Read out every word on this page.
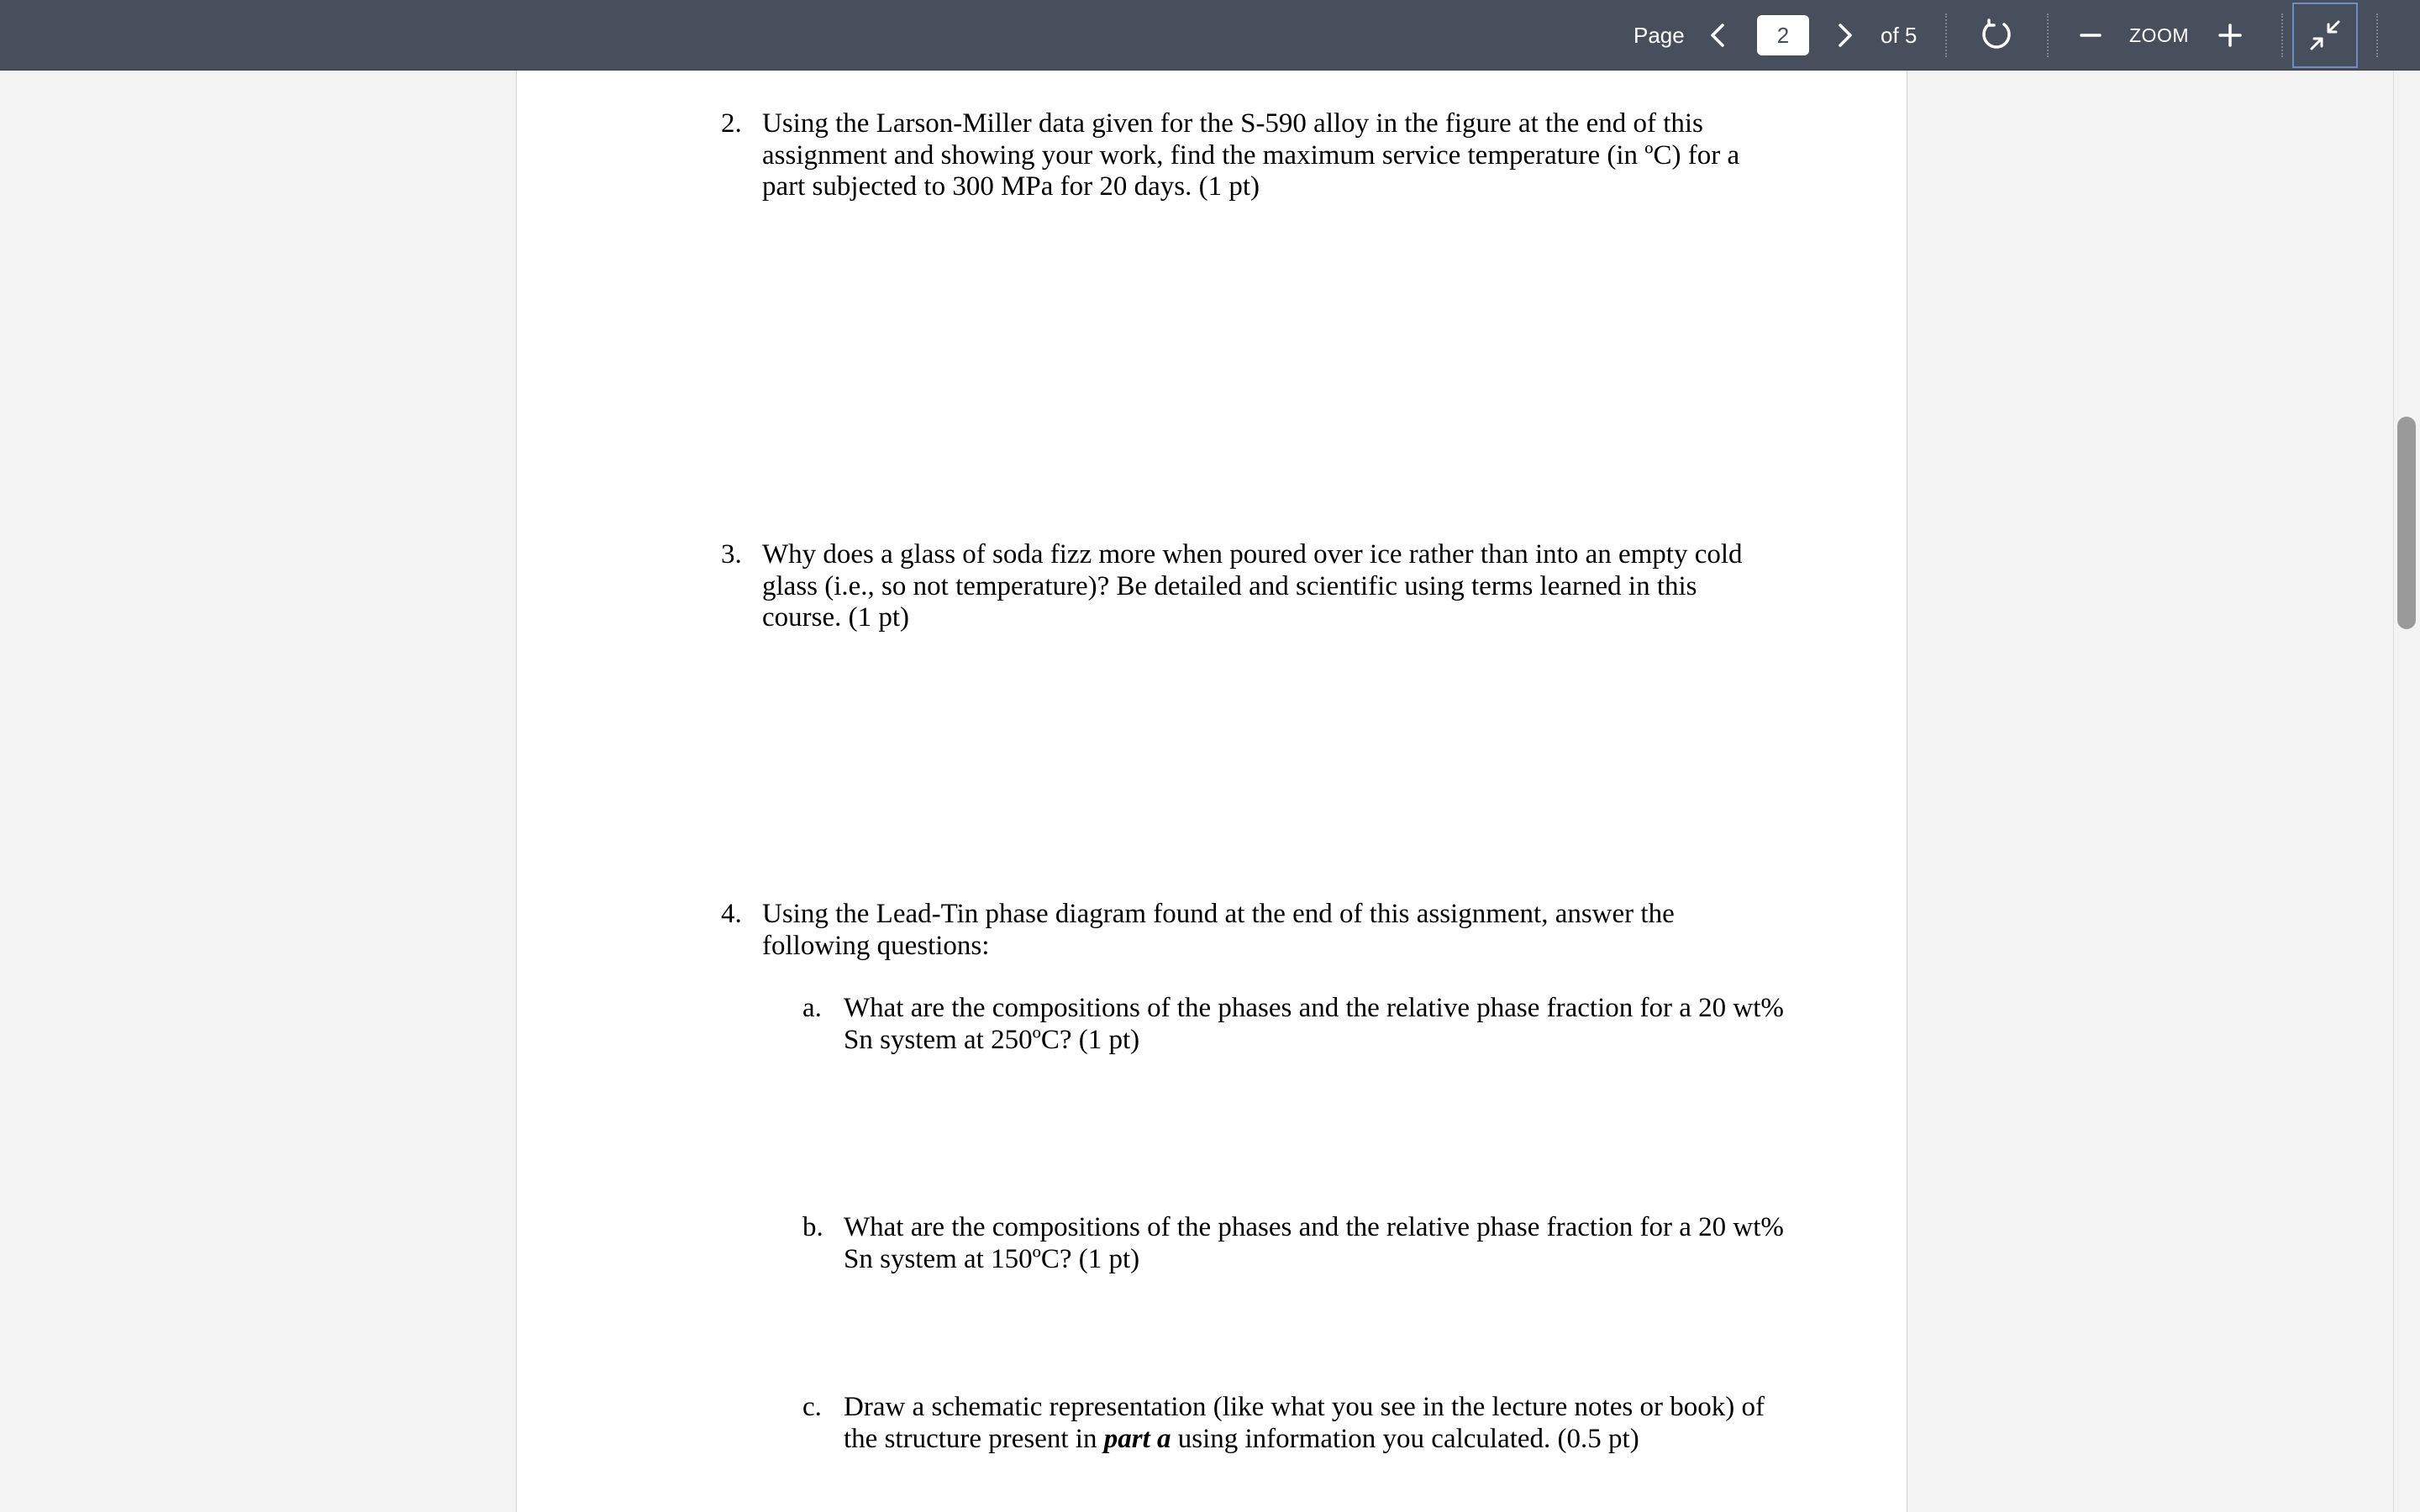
Page
2	of 5	ZOOM
2. Using the Larson-Miller data given for the S-590 alloy in the figure at the end of this assignment and showing your work, find the maximum service temperature (in ºC) for a part subjected to 300 MPa for 20 days. (1 pt)
3. Why does a glass of soda fizz more when poured over ice rather than into an empty cold glass (i.e., so not temperature)? Be detailed and scientific using terms learned in this course. (1 pt)
4. Using the Lead-Tin phase diagram found at the end of this assignment, answer the following questions:
a. What are the compositions of the phases and the relative phase fraction for a 20 wt% Sn system at 250ºC? (1 pt)
b. What are the compositions of the phases and the relative phase fraction for a 20 wt% Sn system at 150ºC? (1 pt)
c. Draw a schematic representation (like what you see in the lecture notes or book) of the structure present in part a using information you calculated. (0.5 pt)
